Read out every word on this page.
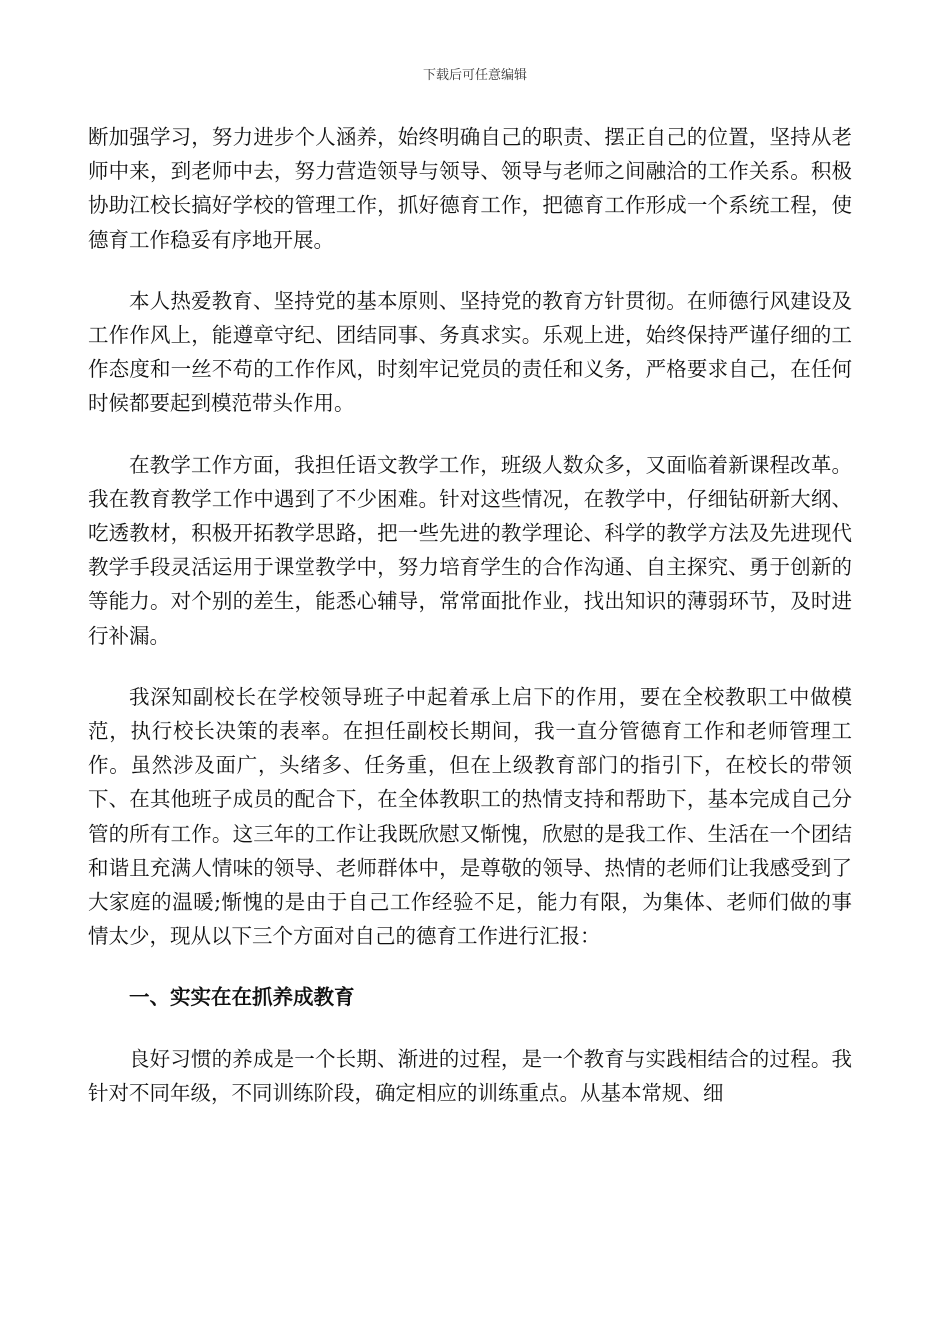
下载后可任意编辑

断加强学习，努力进步个人涵养，始终明确自己的职责、摆正自己的位置，坚持从老师中来，到老师中去，努力营造领导与领导、领导与老师之间融洽的工作关系。积极协助江校长搞好学校的管理工作，抓好德育工作，把德育工作形成一个系统工程，使德育工作稳妥有序地开展。

本人热爱教育、坚持党的基本原则、坚持党的教育方针贯彻。在师德行风建设及工作作风上，能遵章守纪、团结同事、务真求实。乐观上进，始终保持严谨仔细的工作态度和一丝不苟的工作作风，时刻牢记党员的责任和义务，严格要求自己，在任何时候都要起到模范带头作用。

在教学工作方面，我担任语文教学工作，班级人数众多，又面临着新课程改革。我在教育教学工作中遇到了不少困难。针对这些情况，在教学中，仔细钻研新大纲、吃透教材，积极开拓教学思路，把一些先进的教学理论、科学的教学方法及先进现代教学手段灵活运用于课堂教学中，努力培育学生的合作沟通、自主探究、勇于创新的等能力。对个别的差生，能悉心辅导，常常面批作业，找出知识的薄弱环节，及时进行补漏。

我深知副校长在学校领导班子中起着承上启下的作用，要在全校教职工中做模范，执行校长决策的表率。在担任副校长期间，我一直分管德育工作和老师管理工作。虽然涉及面广，头绪多、任务重，但在上级教育部门的指引下，在校长的带领下、在其他班子成员的配合下，在全体教职工的热情支持和帮助下，基本完成自己分管的所有工作。这三年的工作让我既欣慰又惭愧，欣慰的是我工作、生活在一个团结和谐且充满人情味的领导、老师群体中，是尊敬的领导、热情的老师们让我感受到了大家庭的温暖;惭愧的是由于自己工作经验不足，能力有限，为集体、老师们做的事情太少，现从以下三个方面对自己的德育工作进行汇报：

一、实实在在抓养成教育

良好习惯的养成是一个长期、渐进的过程，是一个教育与实践相结合的过程。我针对不同年级，不同训练阶段，确定相应的训练重点。从基本常规、细
